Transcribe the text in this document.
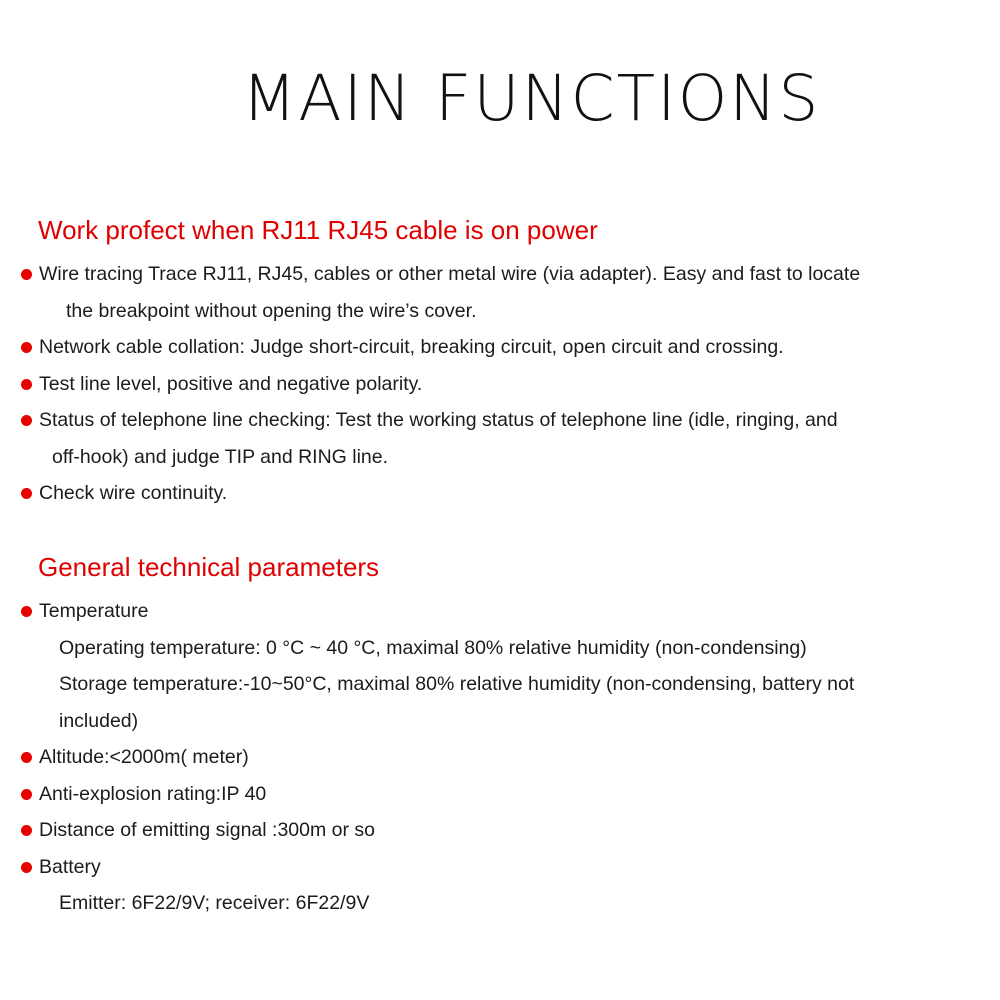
MAIN FUNCTIONS
Work profect when RJ11 RJ45 cable is on power
Wire tracing Trace RJ11, RJ45, cables or other metal wire (via adapter). Easy and fast to locate
the breakpoint without opening the wire’s cover.
Network cable collation: Judge short-circuit, breaking circuit, open circuit and crossing.
Test line level, positive and negative polarity.
Status of telephone line checking: Test the working status of telephone line (idle, ringing, and
off-hook) and judge TIP and RING line.
Check wire continuity.
General technical parameters
Temperature
Operating temperature: 0 °C ~ 40 °C, maximal 80% relative humidity (non-condensing)
Storage temperature:-10~50°C, maximal 80% relative humidity (non-condensing, battery not
included)
Altitude:<2000m( meter)
Anti-explosion rating:IP 40
Distance of emitting signal :300m or so
Battery
Emitter: 6F22/9V; receiver: 6F22/9V
